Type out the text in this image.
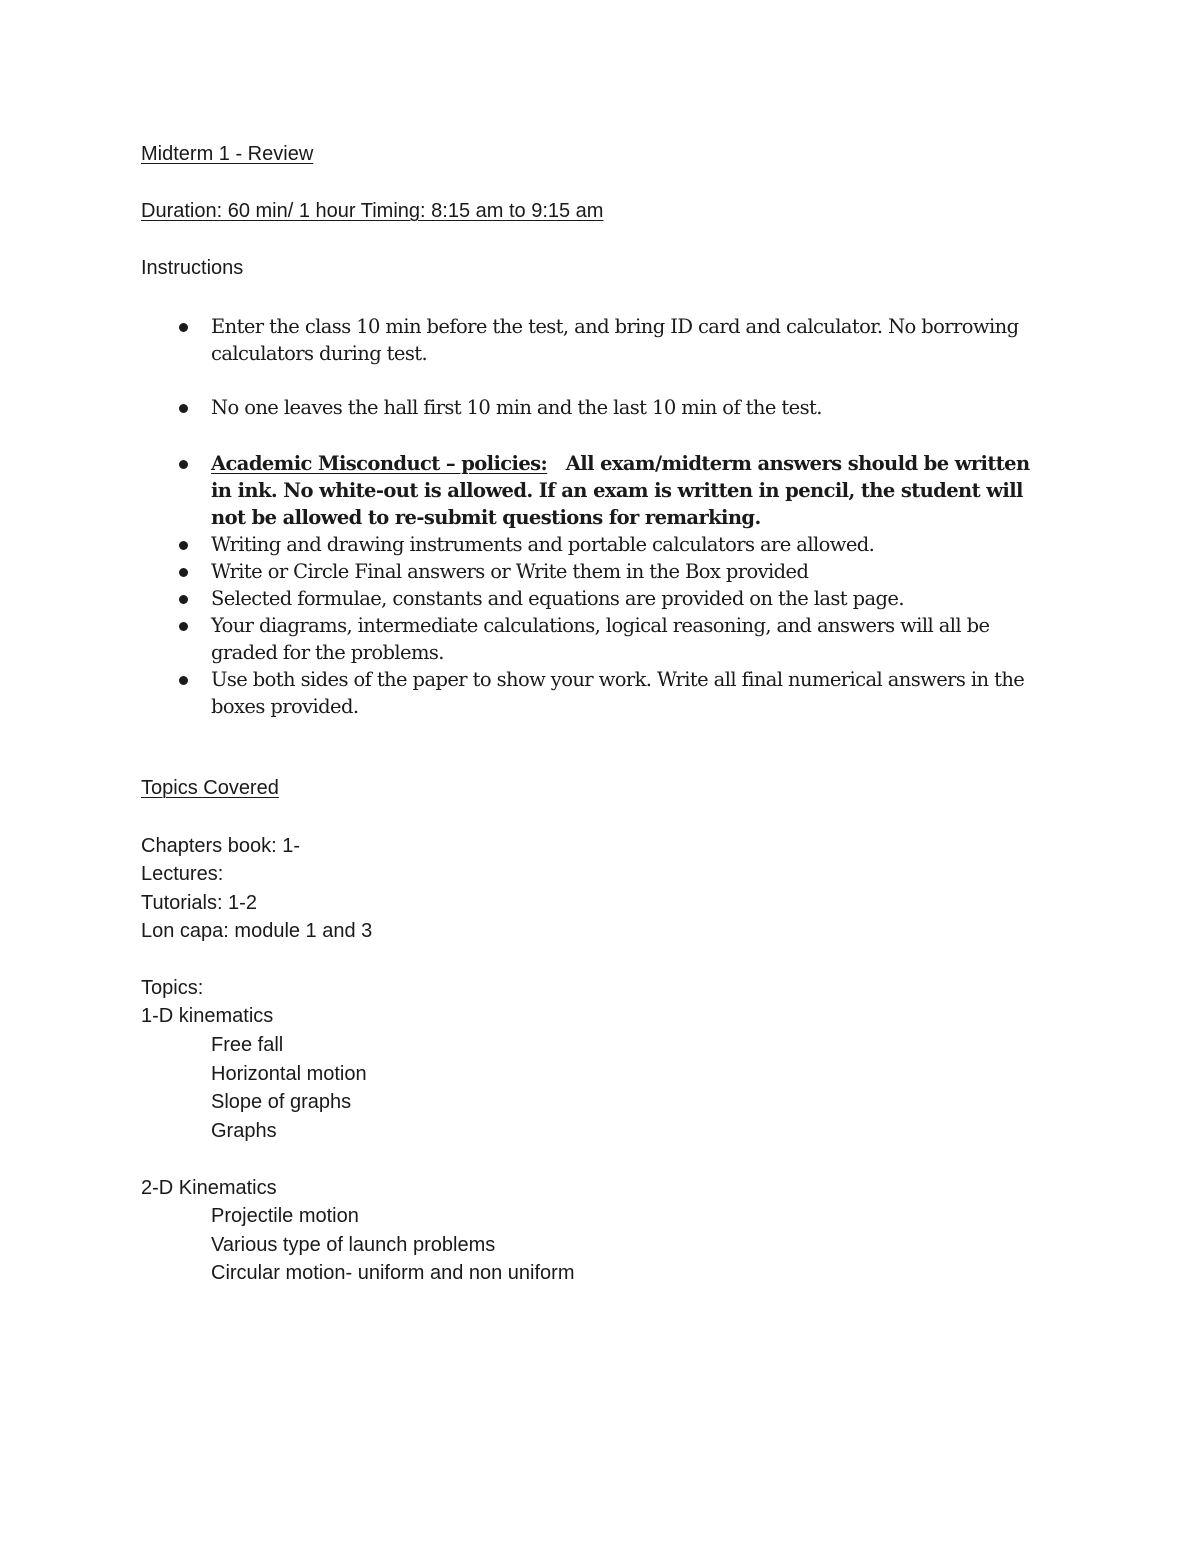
Midterm 1 - Review
Duration: 60 min/ 1 hour Timing: 8:15 am to 9:15 am
Instructions
Enter the class 10 min before the test, and bring ID card and calculator. No borrowing calculators during test.
No one leaves the hall first 10 min and the last 10 min of the test.
Academic Misconduct – policies: All exam/midterm answers should be written in ink. No white-out is allowed. If an exam is written in pencil, the student will not be allowed to re-submit questions for remarking.
Writing and drawing instruments and portable calculators are allowed.
Write or Circle Final answers or Write them in the Box provided
Selected formulae, constants and equations are provided on the last page.
Your diagrams, intermediate calculations, logical reasoning, and answers will all be graded for the problems.
Use both sides of the paper to show your work. Write all final numerical answers in the boxes provided.
Topics Covered
Chapters book: 1-
Lectures:
Tutorials: 1-2
Lon capa: module 1 and 3
Topics:
1-D kinematics
Free fall
Horizontal motion
Slope of graphs
Graphs
2-D Kinematics
Projectile motion
Various type of launch problems
Circular motion- uniform and non uniform
